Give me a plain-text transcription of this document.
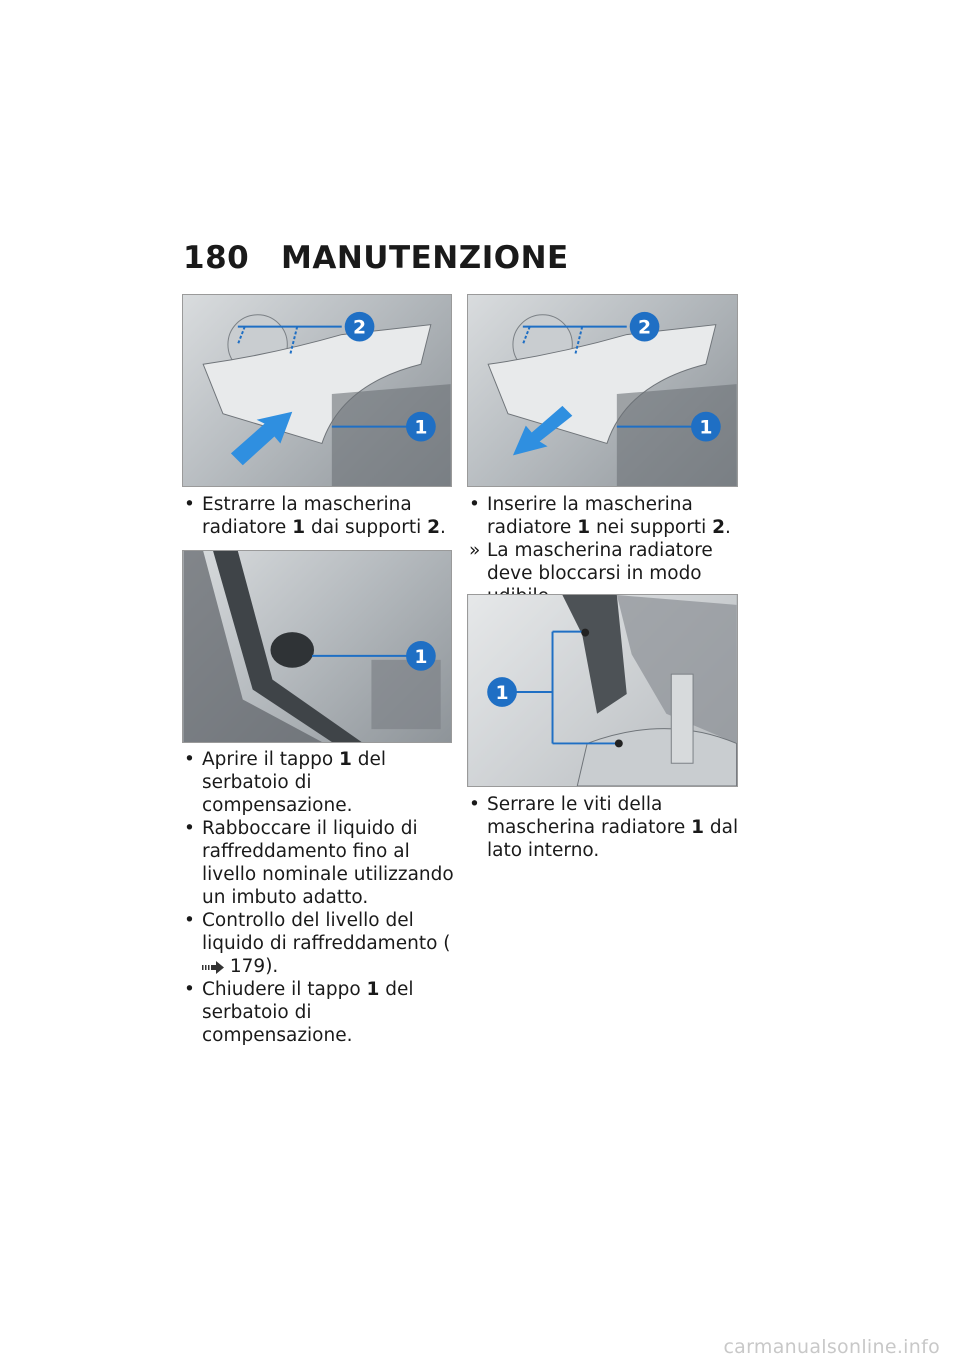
180 MANUTENZIONE
2
1
2
1

• Estrarre la mascherina radiatore 1 dai supporti 2.

• Inserire la mascherina radiatore 1 nei supporti 2.

» La mascherina radiatore deve bloccarsi in modo

1
1

• Aprire il tappo 1 del serbatoio di compensazione.

• Rabboccare il liquido di raffreddamento fino al livello nominale utilizzando un imbuto adatto.

• Controllo del livello del liquido di raffreddamento ( 179).

• Chiudere il tappo 1 del serbatoio di compensazione.

• Serrare le viti della mascherina radiatore 1 dal lato interno.

carmanualsonline.info
